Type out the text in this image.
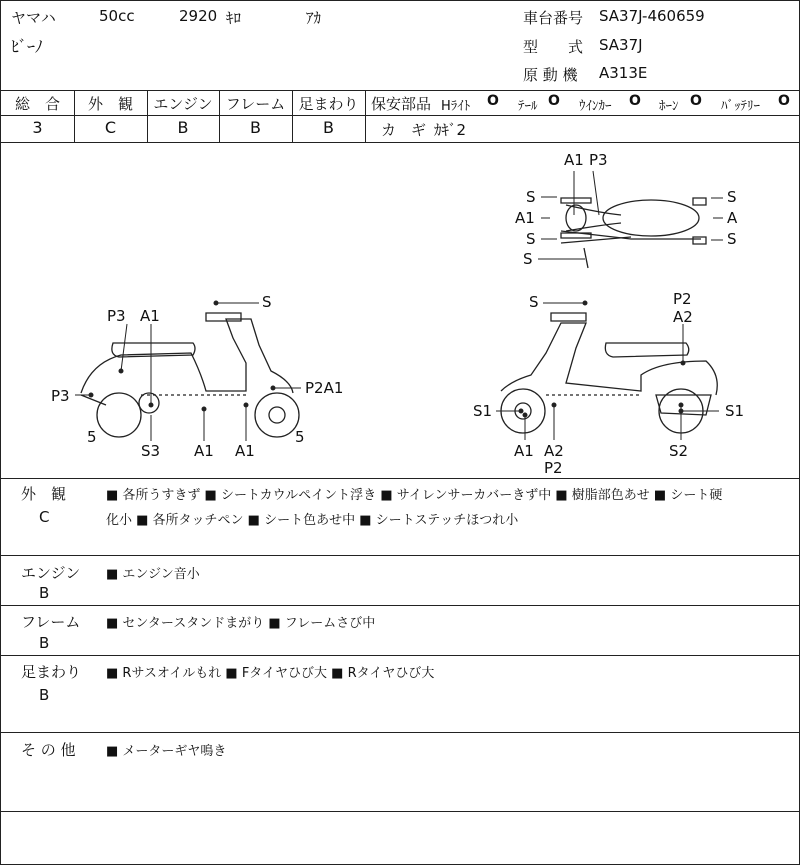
ヤマハ	50cc	2920 ｷﾛ	ｱｶ
ﾋﾞｰﾉ
車台番号 SA37J-460659
型　　式 SA37J
原 動 機 A313E
総　合
3
外　観
C
エンジン
B
フレーム
B
足まわり
B
保安部品 Hﾗｲﾄ O ﾃｰﾙ O ｳｲﾝｶｰ O ﾎｰﾝ O ﾊﾞｯﾃﾘｰ O
カ　ギ ｶｷﾞ2
A1 P3
S
A1
S
S
S
A
S
S
P3 A1
P3	P2A1
5	5
S3 A1 A1
S	P2
A2
S1	S1
A1 A2
P2
S2
外　観
C
■ 各所うすきず ■ シートカウルペイント浮き ■ サイレンサーカバーきず中 ■ 樹脂部色あせ ■ シート硬
化小 ■ 各所タッチペン ■ シート色あせ中 ■ シートステッチほつれ小
エンジン
B
■ エンジン音小
フレーム
B
■ センタースタンドまがり ■ フレームさび中
足まわり
B
■ Rサスオイルもれ ■ Fタイヤひび大 ■ Rタイヤひび大
そ の 他 ■ メーターギヤ鳴き
